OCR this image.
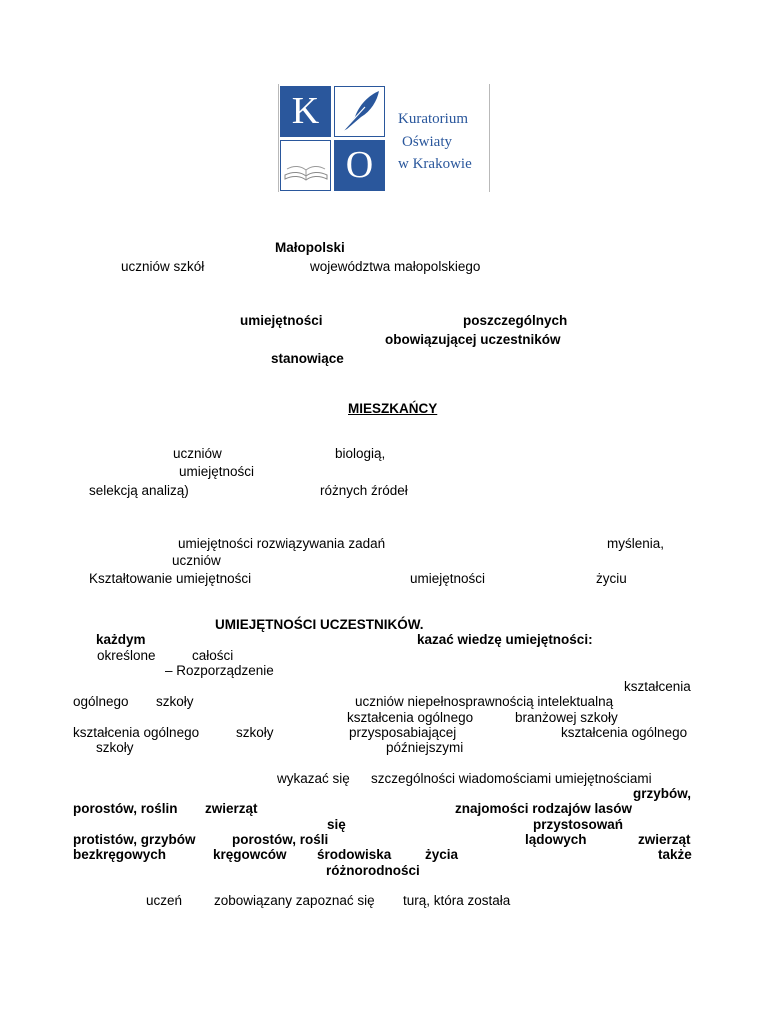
K
O
Kuratorium
Oświaty
w Krakowie
Małopolski
uczniów szkół	województwa małopolskiego
umiejętności	poszczególnych
obowiązującej uczestników
stanowiące
MIESZKAŃCY
uczniów	biologią,
umiejętności
selekcją analizą)	różnych źródeł
umiejętności rozwiązywania zadań	myślenia,
uczniów
Kształtowanie umiejętności	umiejętności	życiu
UMIEJĘTNOŚCI UCZESTNIKÓW.
każdym	kazać wiedzę umiejętności:
określone	całości
– Rozporządzenie
kształcenia
ogólnego szkoły	uczniów niepełnosprawnością intelektualną
kształcenia ogólnego	branżowej szkoły
kształcenia ogólnego	szkoły	przysposabiającej	kształcenia ogólnego
szkoły	późniejszymi
wykazać się szczególności wiadomościami umiejętnościami
grzybów,
porostów, roślin zwierząt	znajomości rodzajów lasów
się	przystosowań
protistów, grzybów	porostów, rośli	lądowych	zwierząt
bezkręgowych	kręgowców środowiska życia	także
różnorodności
uczeń zobowiązany zapoznać się turą, która została
